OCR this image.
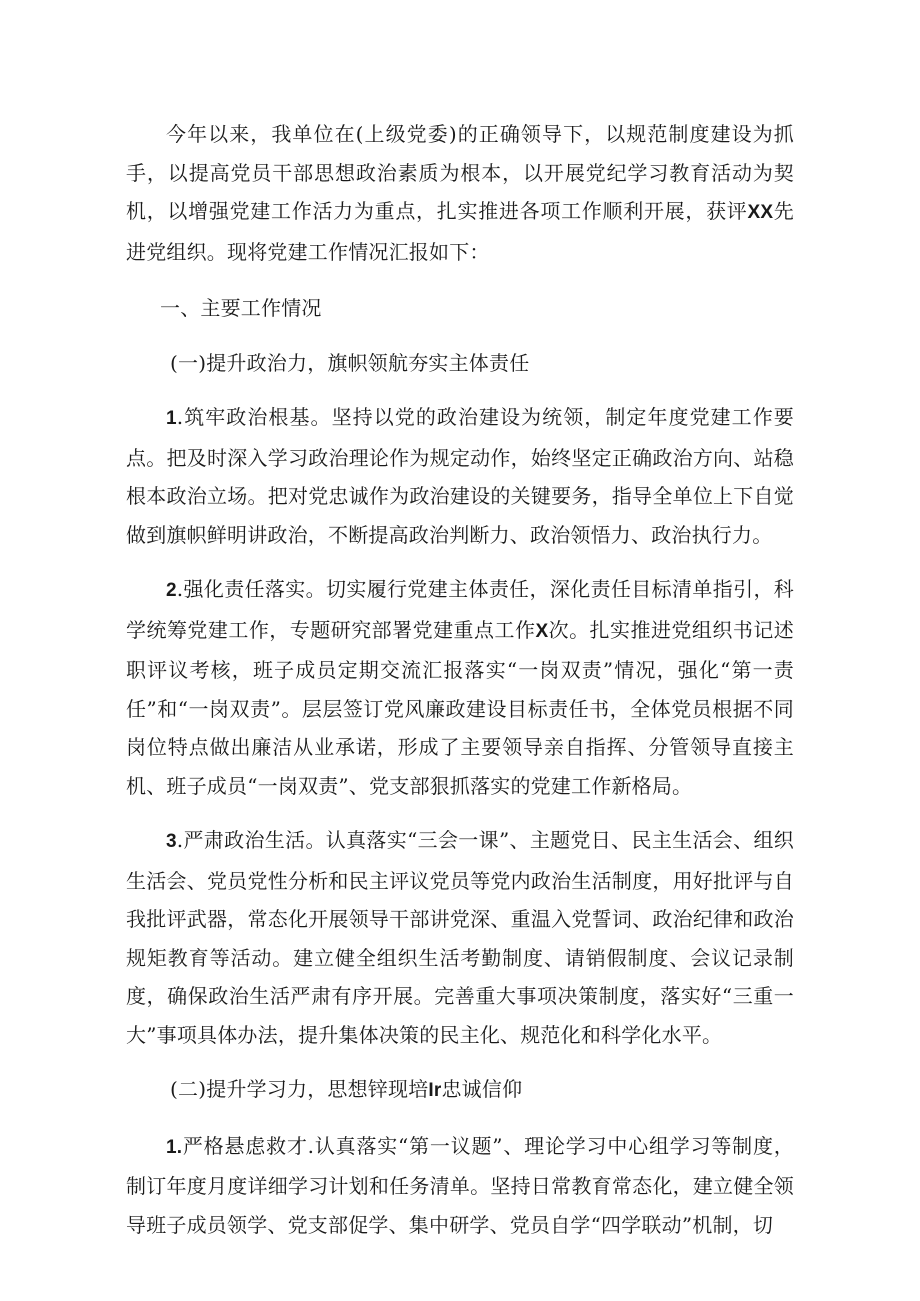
今年以来，我单位在(上级党委)的正确领导下，以规范制度建设为抓手，以提高党员干部思想政治素质为根本，以开展党纪学习教育活动为契机，以增强党建工作活力为重点，扎实推进各项工作顺利开展，获评XX先进党组织。现将党建工作情况汇报如下：

一、主要工作情况

(一)提升政治力，旗帜领航夯实主体责任

1.筑牢政治根基。坚持以党的政治建设为统领，制定年度党建工作要点。把及时深入学习政治理论作为规定动作，始终坚定正确政治方向、站稳根本政治立场。把对党忠诚作为政治建设的关键要务，指导全单位上下自觉做到旗帜鲜明讲政治，不断提高政治判断力、政治领悟力、政治执行力。

2.强化责任落实。切实履行党建主体责任，深化责任目标清单指引，科学统筹党建工作，专题研究部署党建重点工作X次。扎实推进党组织书记述职评议考核，班子成员定期交流汇报落实“一岗双责”情况，强化“第一责任”和“一岗双责”。层层签订党风廉政建设目标责任书，全体党员根据不同岗位特点做出廉洁从业承诺，形成了主要领导亲自指挥、分管领导直接主机、班子成员“一岗双责”、党支部狠抓落实的党建工作新格局。

3.严肃政治生活。认真落实“三会一课”、主题党日、民主生活会、组织生活会、党员党性分析和民主评议党员等党内政治生活制度，用好批评与自我批评武器，常态化开展领导干部讲党深、重温入党誓词、政治纪律和政治规矩教育等活动。建立健全组织生活考勤制度、请销假制度、会议记录制度，确保政治生活严肃有序开展。完善重大事项决策制度，落实好“三重一大”事项具体办法，提升集体决策的民主化、规范化和科学化水平。

(二)提升学习力，思想锌现培Ir忠诚信仰

1.严格悬虑救才.认真落实“第一议题”、理论学习中心组学习等制度，制订年度月度详细学习计划和任务清单。坚持日常教育常态化，建立健全领导班子成员领学、党支部促学、集中研学、党员自学“四学联动”机制，切
